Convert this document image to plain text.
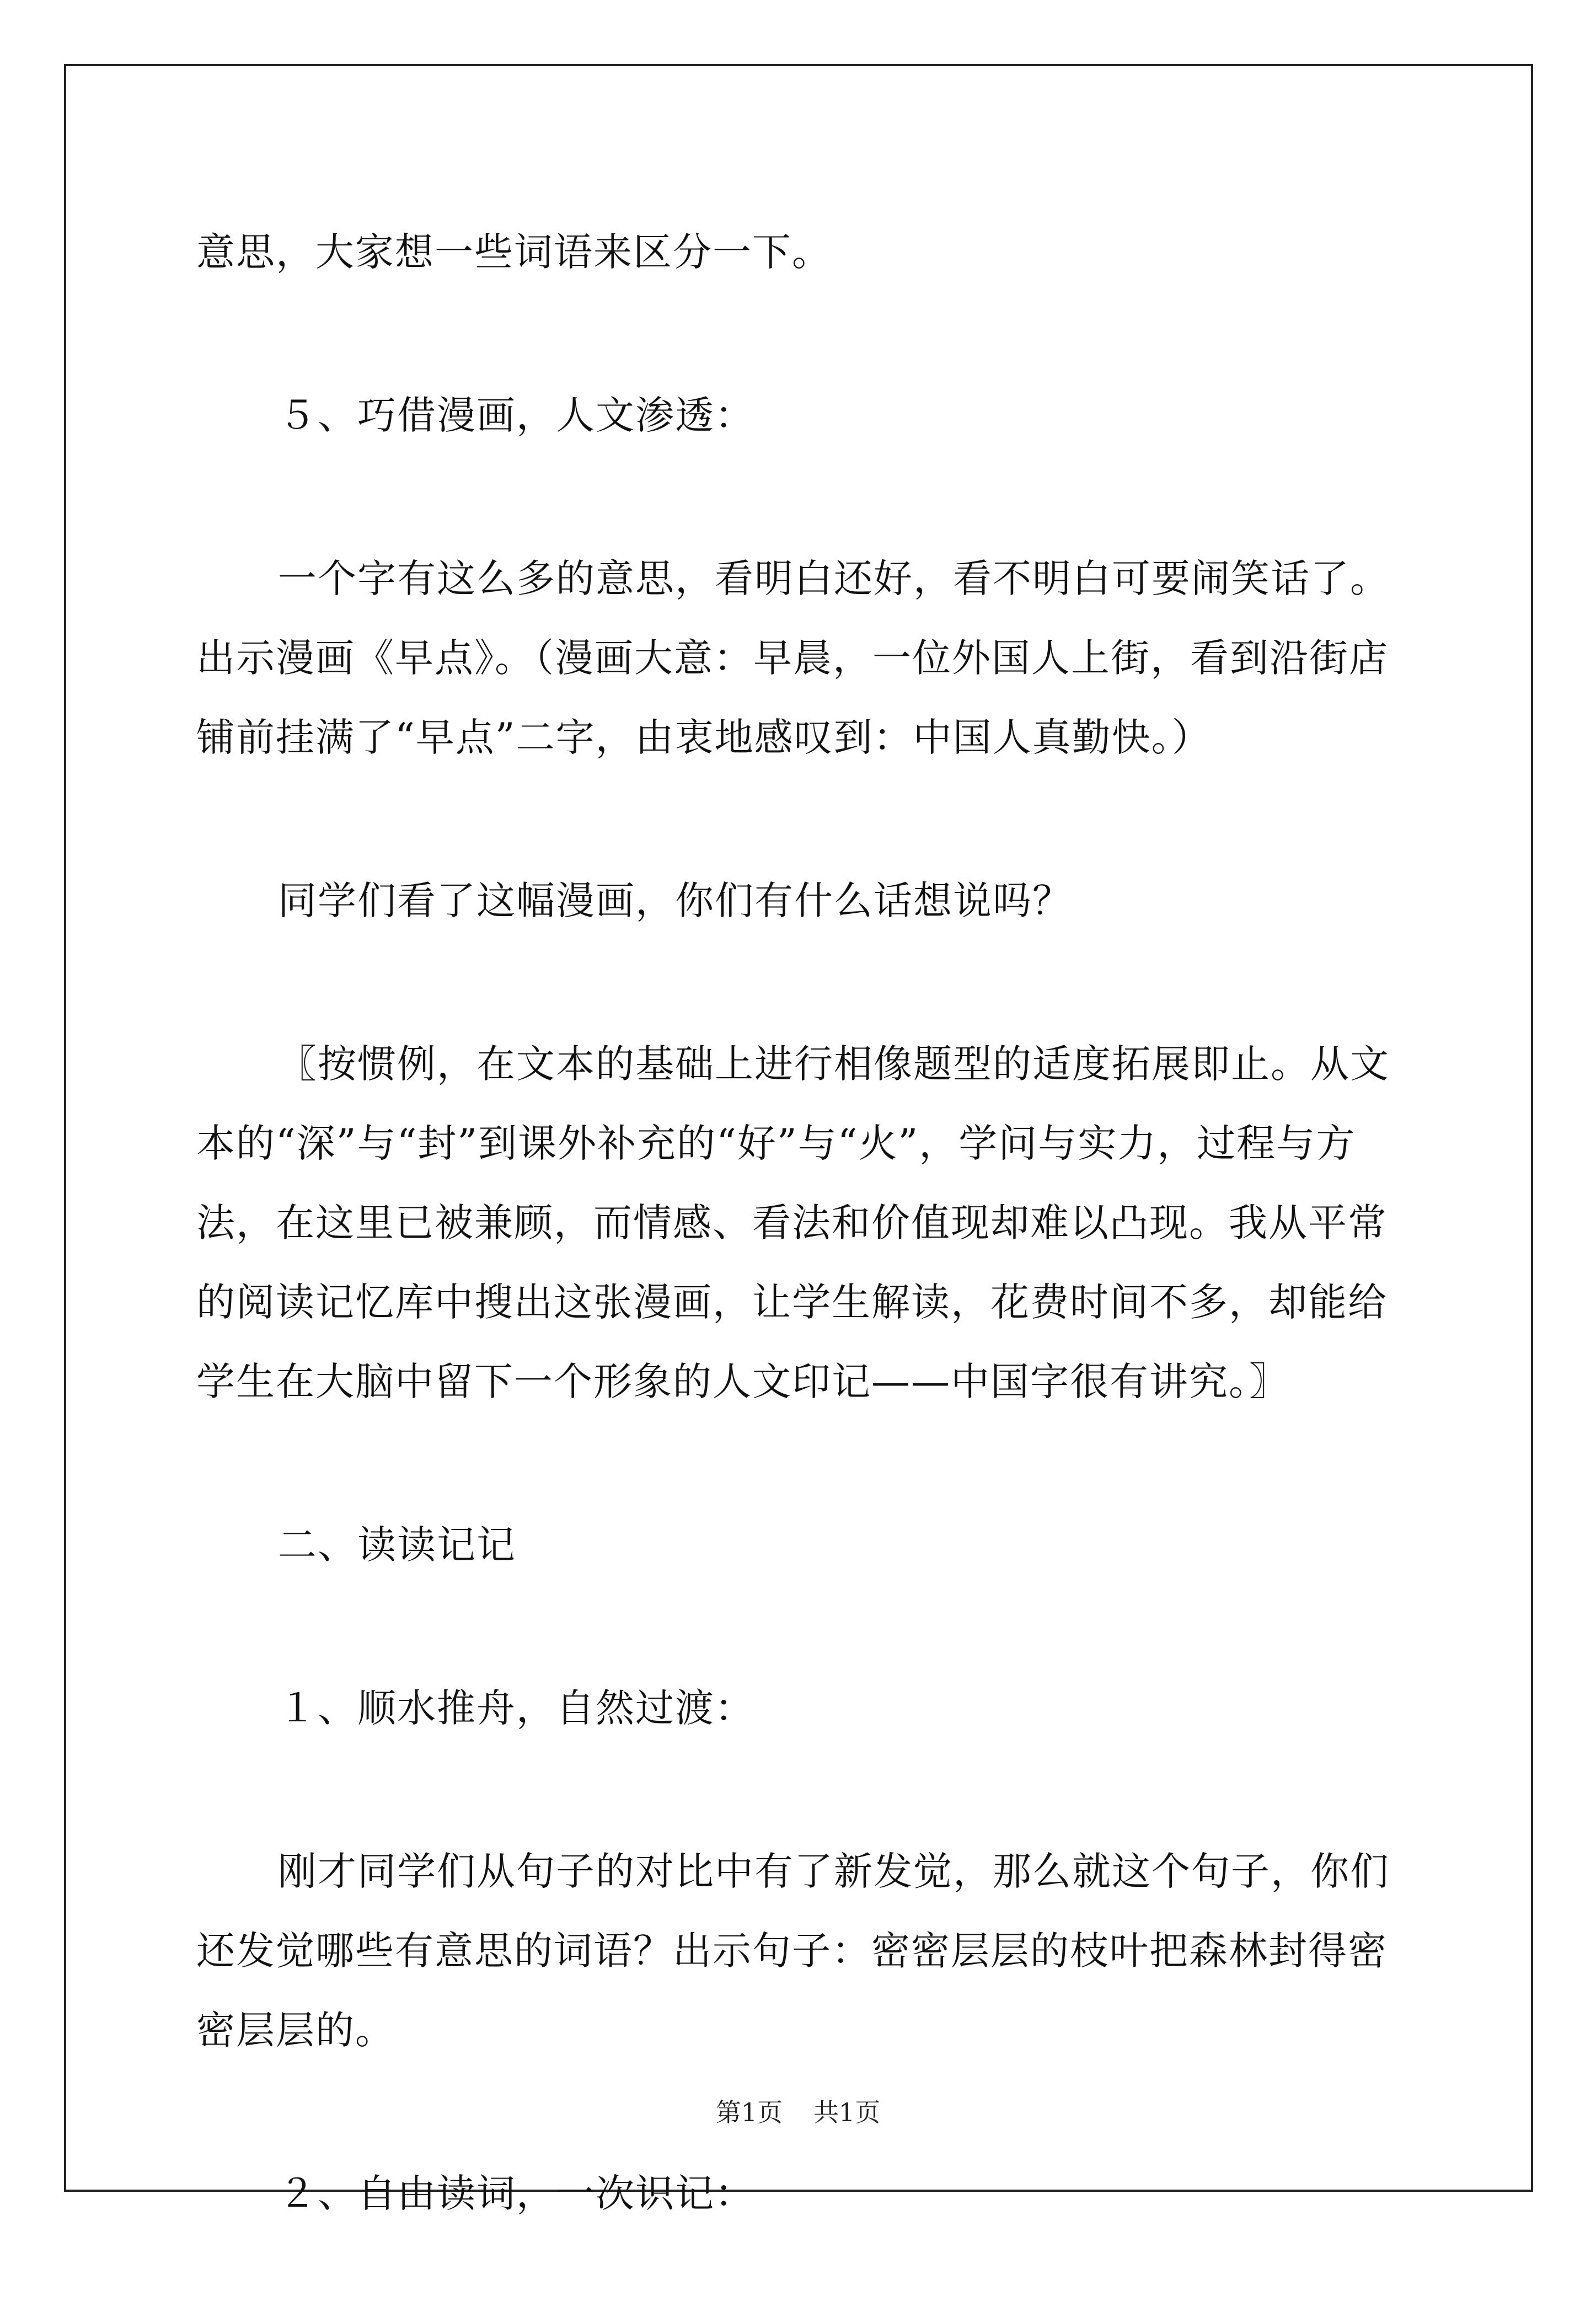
意思，大家想一些词语来区分一下。

５、巧借漫画，人文渗透：

一个字有这么多的意思，看明白还好，看不明白可要闹笑话了。出示漫画《早点》。（漫画大意：早晨，一位外国人上街，看到沿街店铺前挂满了“早点”二字，由衷地感叹到：中国人真勤快。）

同学们看了这幅漫画，你们有什么话想说吗？

〖按惯例，在文本的基础上进行相像题型的适度拓展即止。从文本的“深”与“封”到课外补充的“好”与“火”，学问与实力，过程与方法，在这里已被兼顾，而情感、看法和价值现却难以凸现。我从平常的阅读记忆库中搜出这张漫画，让学生解读，花费时间不多，却能给学生在大脑中留下一个形象的人文印记——中国字很有讲究。〗

二、读读记记

１、顺水推舟，自然过渡：

刚才同学们从句子的对比中有了新发觉，那么就这个句子，你们还发觉哪些有意思的词语？出示句子：密密层层的枝叶把森林封得密密层层的。

２、自由读词，一次识记：

第1页 共1页
